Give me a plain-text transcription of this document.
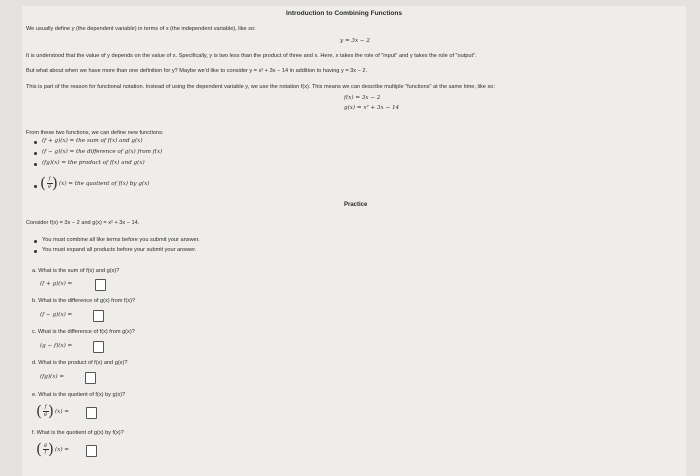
Introduction to Combining Functions
We usually define y (the dependent variable) in terms of x (the independent variable), like so:
y = 3x − 2
It is understood that the value of y depends on the value of x. Specifically, y is two less than the product of three and x. Here, x takes the role of "input" and y takes the role of "output".
But what about when we have more than one definition for y? Maybe we'd like to consider y = x² + 3x − 14 in addition to having y = 3x − 2.
This is part of the reason for functional notation. Instead of using the dependent variable y, we use the notation f(x). This means we can describe multiple "functions" at the same time, like so:
f(x) = 3x − 2
g(x) = x² + 3x − 14
From these two functions, we can define new functions:
(f + g)(x) = the sum of f(x) and g(x)
(f − g)(x) = the difference of g(x) from f(x)
(fg)(x) = the product of f(x) and g(x)
( f
g ) (x) = the quotient of f(x) by g(x)
Practice
Consider f(x) = 3x − 2 and g(x) = x² + 3x − 14.
You must combine all like terms before you submit your answer.
You must expand all products before your submit your answer.
a. What is the sum of f(x) and g(x)?
(f + g)(x) =
b. What is the difference of g(x) from f(x)?
(f − g)(x) =
c. What is the difference of f(x) from g(x)?
(g − f)(x) =
d. What is the product of f(x) and g(x)?
(fg)(x) =
e. What is the quotient of f(x) by g(x)?
( f
g ) (x) =
f. What is the quotient of g(x) by f(x)?
( g
f ) (x) =
